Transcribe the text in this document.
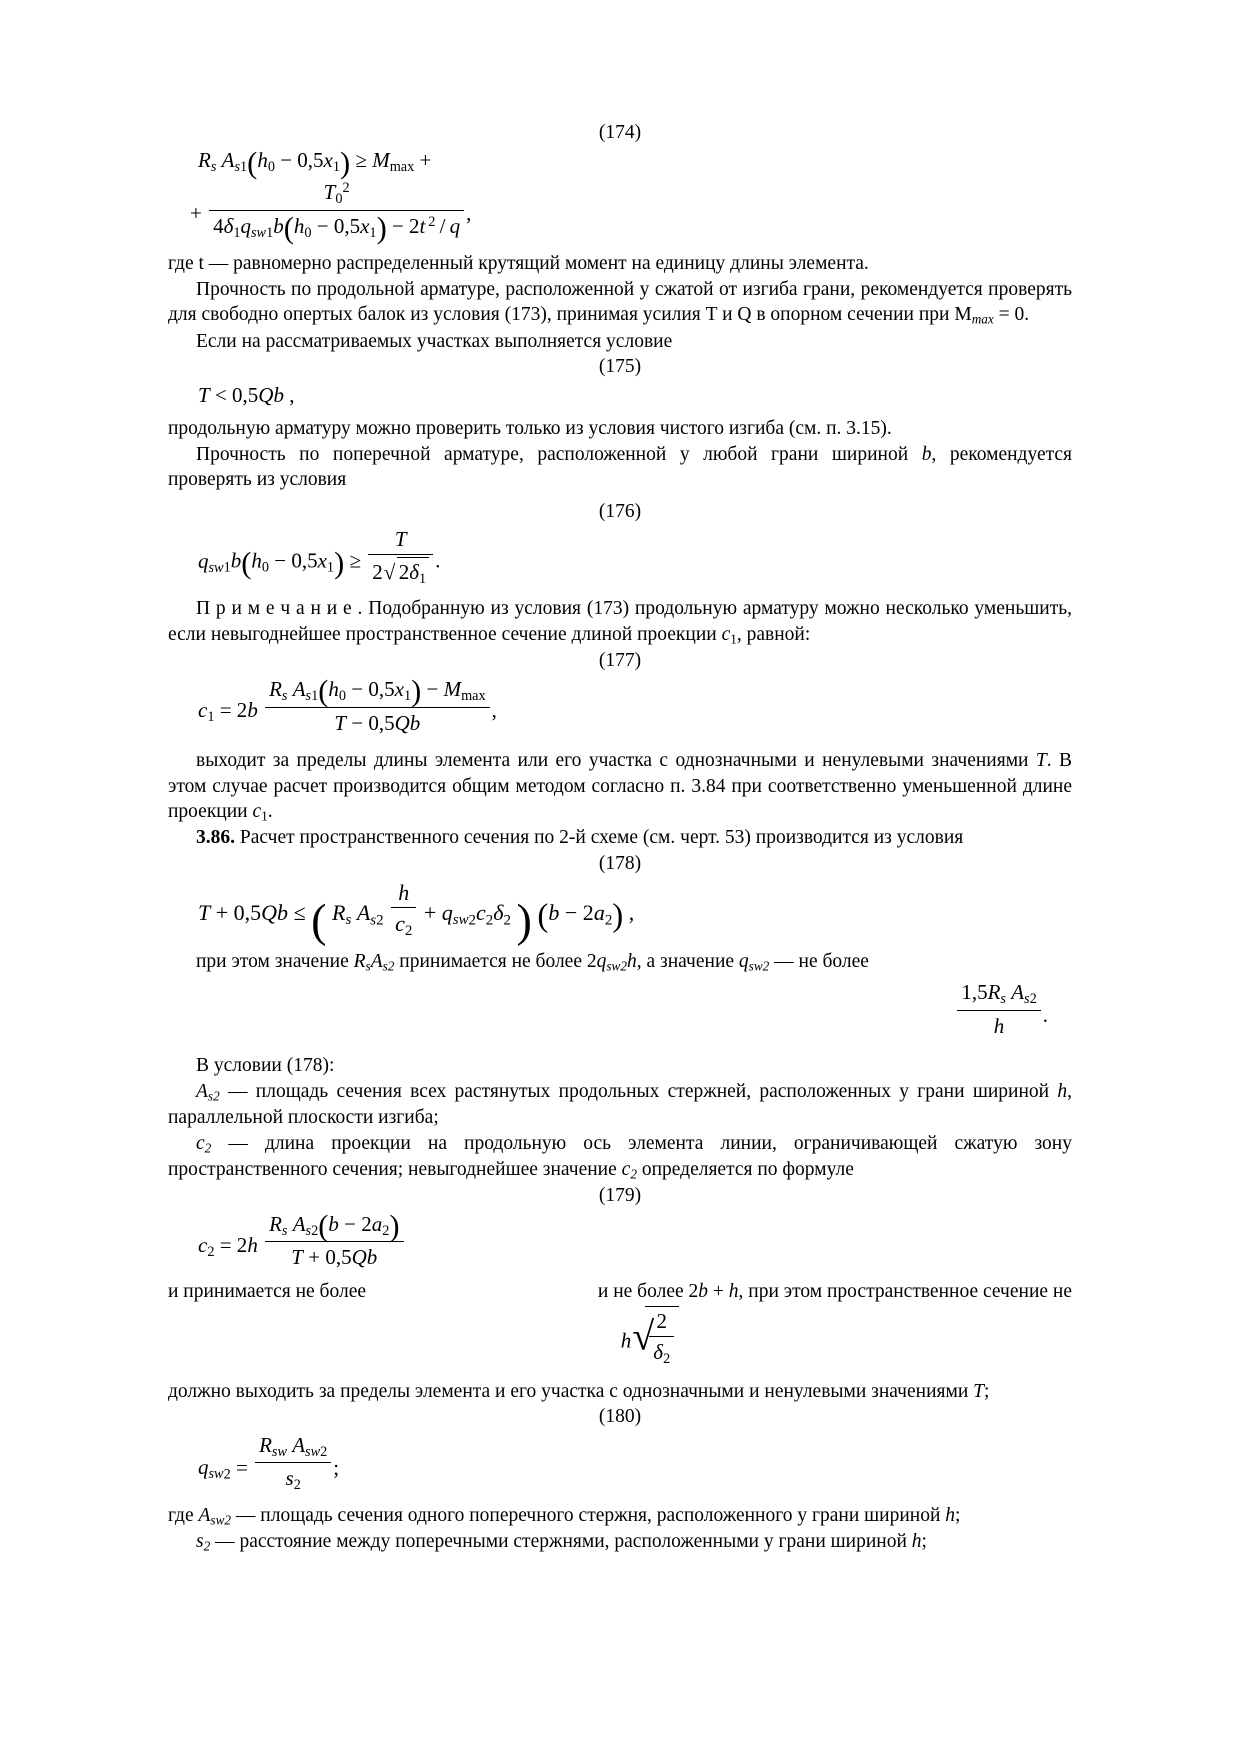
(174)
$R_s$ $A_{s1}(h_0 - 0,5x_1) \ge M_{max}$ +
+ $\frac{T_0^2}{4\delta_1q_{sw1}b(h_0 - 0,5x_1) - 2t ^2 / q}$ ,

где t — равномерно распределенный крутящий момент на единицу длины элемента.

Прочность по продольной арматуре, расположенной у сжатой от изгиба грани, рекомендуется проверять для свободно опертых балок из условия (173), принимая усилия T и Q в опорном сечении при $M_{max} = 0$.

Если на рассматриваемых участках выполняется условие

(175)
T < 0,5Qb ,

продольную арматуру можно проверить только из условия чистого изгиба (см. п. 3.15).

Прочность по поперечной арматуре, расположенной у любой грани шириной b, рекомендуется проверять из условия

(176)
$q_{sw1}b(h_0 - 0,5x_1) \ge \frac{T}{2 √ 2\delta_1}$ .

П р и м е ч а н и е . Подобранную из условия (173) продольную арматуру можно несколько уменьшить, если невыгоднейшее пространственное сечение длиной проекции $c_1$, равной:

(177)
$c_1 = 2b \frac{R_s A_{s1}(h_0 - 0,5x_1) - M_{max}}{T - 0,5Qb}$ ,

выходит за пределы длины элемента или его участка с однозначными и ненулевыми значениями T. В этом случае расчет производится общим методом согласно п. 3.84 при соответственно уменьшенной длине проекции $c_1$.

3.86. Расчет пространственного сечения по 2-й схеме (см. черт. 53) производится из условия

(178)
T + 0,5Qb ≤ ( $R_s$ $A_{s2} \frac{h}{c_2} + q_{sw2}c_2\delta_2$ ) $(b - 2a_2)$ ,

при этом значение $R_sA_{s2}$ принимается не более $2q_{sw2}h$, а значение $q_{sw2}$ — не более

$\frac{1,5R_s A_{s2}}{h}$ .

В условии (178):

$A_{s2}$ — площадь сечения всех растянутых продольных стержней, расположенных у грани шириной h, параллельной плоскости изгиба;

$c_2$ — длина проекции на продольную ось элемента линии, ограничивающей сжатую зону пространственного сечения; невыгоднейшее значение $c_2$ определяется по формуле

(179)
$c_2 = 2h \frac{R_s A_{s2}(b - 2a_2)}{T + 0,5Qb}$

и принимается не более	и не более 2b + h, при этом пространственное сечение не

h √
$\frac{2}{\delta_2}$

должно выходить за пределы элемента и его участка с однозначными и ненулевыми значениями T;

(180)
$q_{sw2} = \frac{R_{sw} A_{sw2}}{s_2}$ ;

где $A_{sw2}$ — площадь сечения одного поперечного стержня, расположенного у грани шириной h;

$s_2$ — расстояние между поперечными стержнями, расположенными у грани шириной h;
